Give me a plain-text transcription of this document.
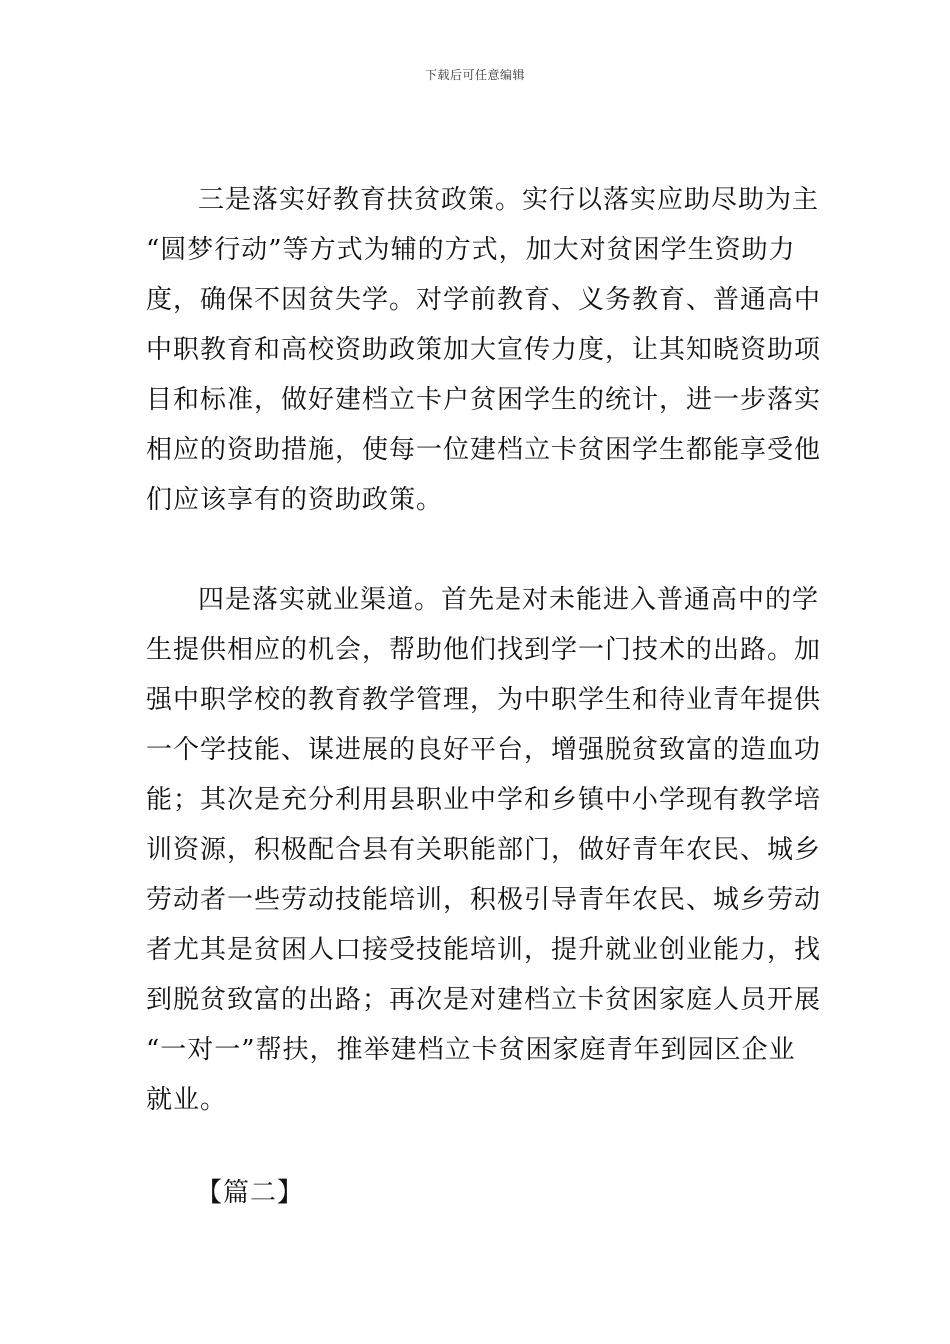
下载后可任意编辑
三是落实好教育扶贫政策。实行以落实应助尽助为主
“圆梦行动”等方式为辅的方式，加大对贫困学生资助力
度，确保不因贫失学。对学前教育、义务教育、普通高中
中职教育和高校资助政策加大宣传力度，让其知晓资助项
目和标准，做好建档立卡户贫困学生的统计，进一步落实
相应的资助措施，使每一位建档立卡贫困学生都能享受他
们应该享有的资助政策。
四是落实就业渠道。首先是对未能进入普通高中的学
生提供相应的机会，帮助他们找到学一门技术的出路。加
强中职学校的教育教学管理，为中职学生和待业青年提供
一个学技能、谋进展的良好平台，增强脱贫致富的造血功
能；其次是充分利用县职业中学和乡镇中小学现有教学培
训资源，积极配合县有关职能部门，做好青年农民、城乡
劳动者一些劳动技能培训，积极引导青年农民、城乡劳动
者尤其是贫困人口接受技能培训，提升就业创业能力，找
到脱贫致富的出路；再次是对建档立卡贫困家庭人员开展
“一对一”帮扶，推举建档立卡贫困家庭青年到园区企业
就业。
【篇二】
